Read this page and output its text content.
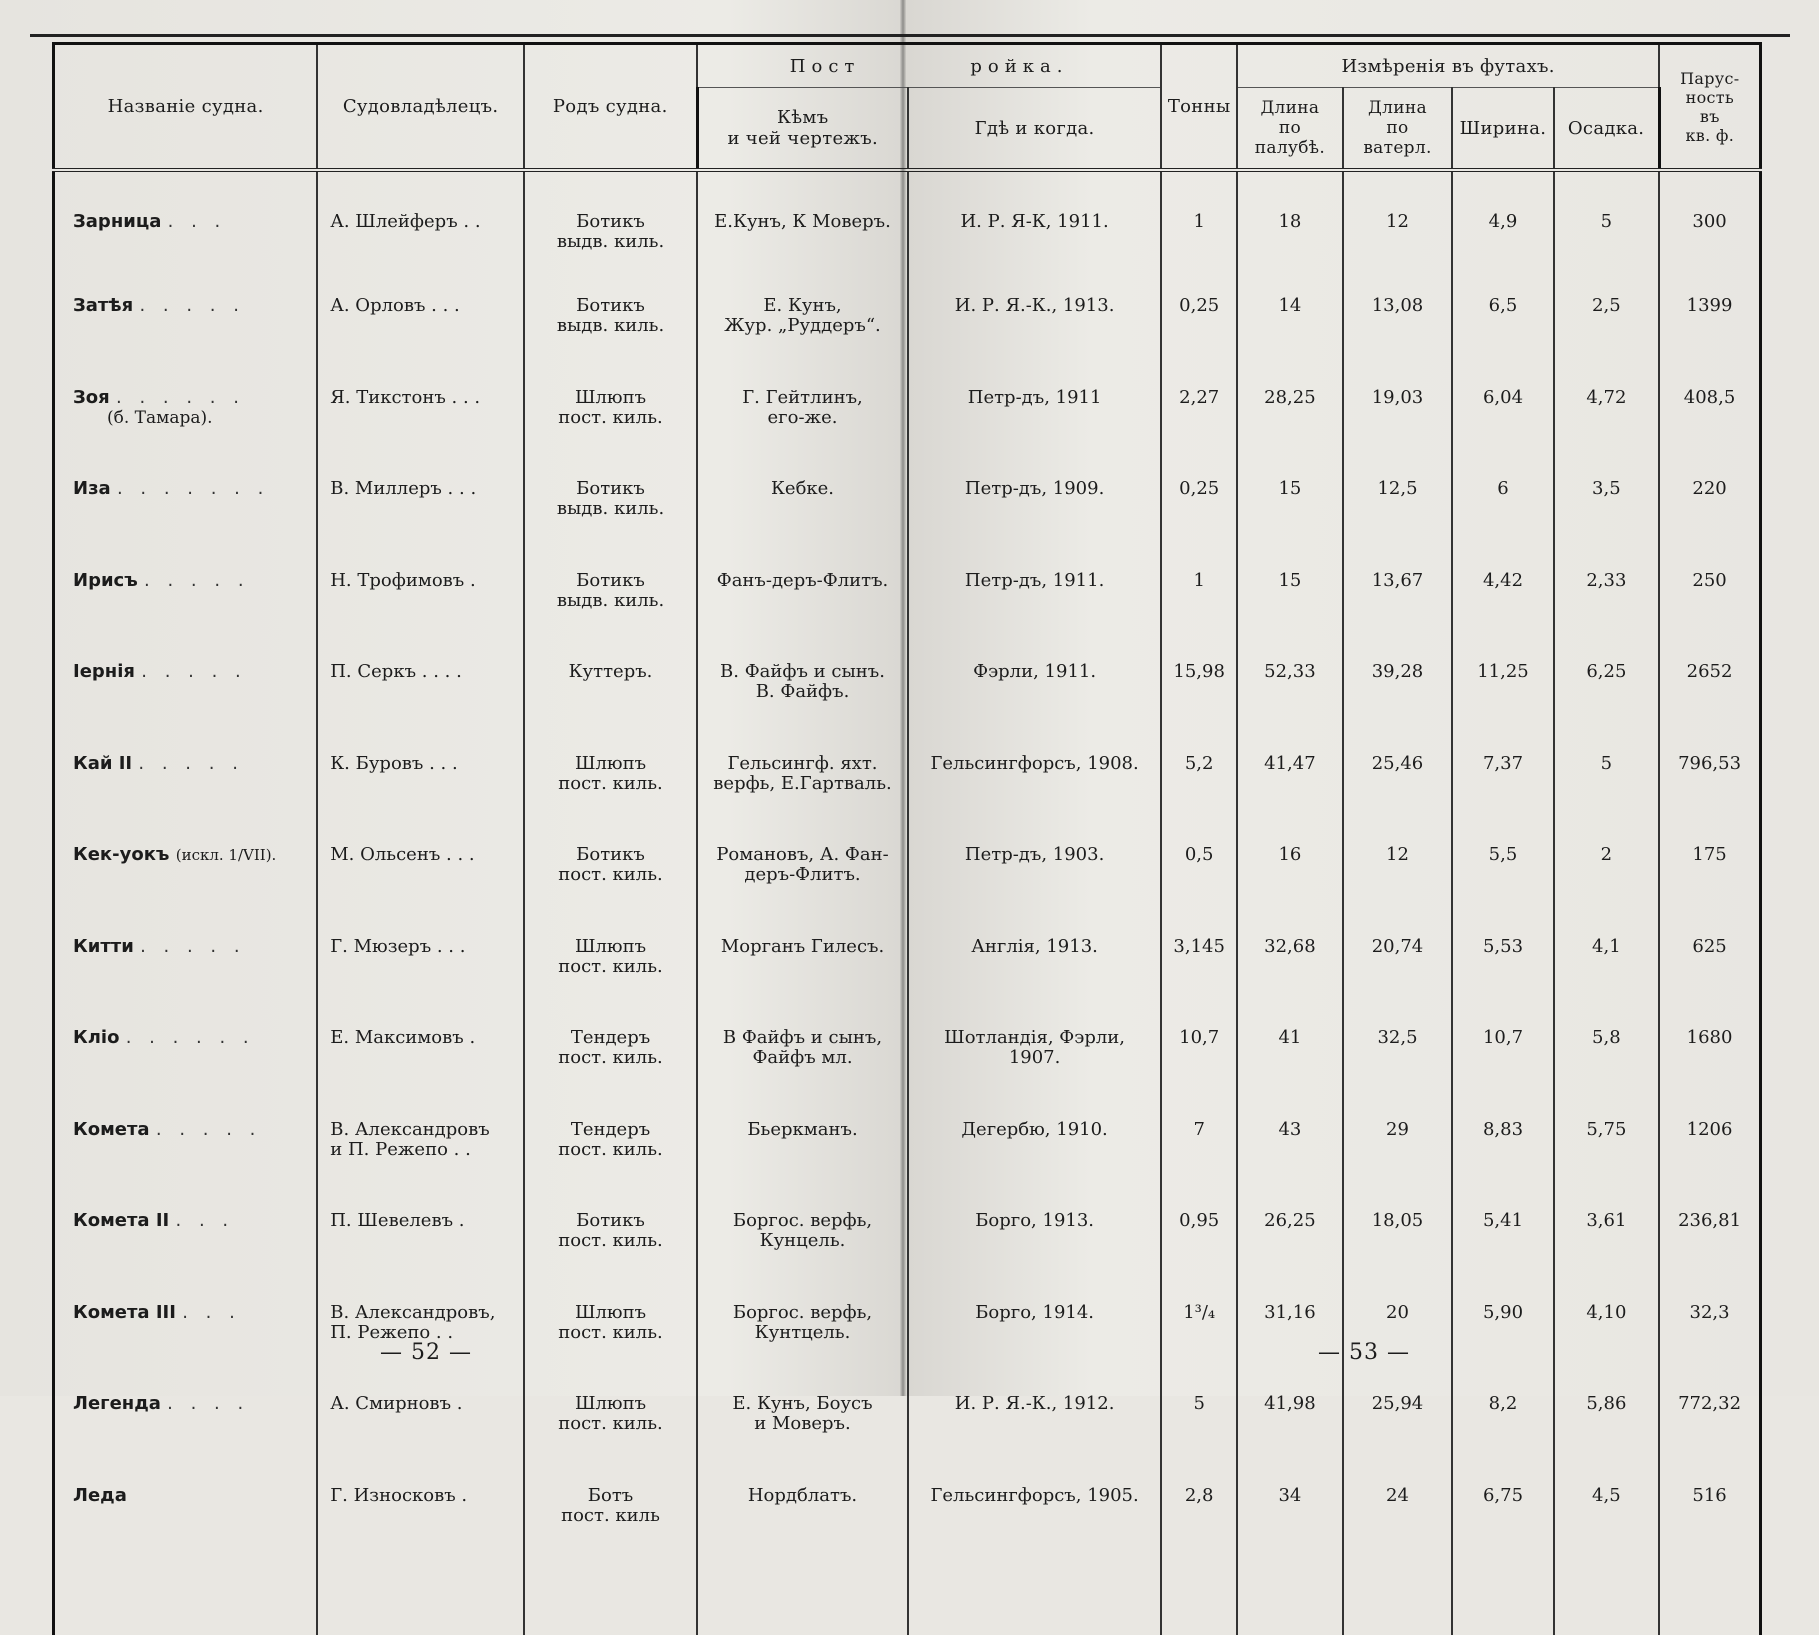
Названіе судна.	Судовладѣлецъ.	Родъ судна.	Пост ройка.		Тонны	Измѣренія въ футахъ.				Парус-
ность
въ
кв. ф.
			Кѣмъ
и чей чертежъ.	Гдѣ и когда.		Длина
по
палубѣ.	Длина
по
ватерл.	Ширина.	Осадка.	
Зарница . . .	А. Шлейферъ . .	Ботикъ
выдв. киль.	Е.Кунъ, К Моверъ.	И. Р. Я-К, 1911.	1	18	12	4,9	5	300
Затѣя . . . . .	А. Орловъ . . .	Ботикъ
выдв. киль.	Е. Кунъ,
Жур. „Руддеръ“.	И. Р. Я.-К., 1913.	0,25	14	13,08	6,5	2,5	1399
Зоя . . . . . .
(б. Тамара).	Я. Тикстонъ . . .	Шлюпъ
пост. киль.	Г. Гейтлинъ,
его-же.	Петр-дъ, 1911	2,27	28,25	19,03	6,04	4,72	408,5
Иза . . . . . . .	В. Миллеръ . . .	Ботикъ
выдв. киль.	Кебке.	Петр-дъ, 1909.	0,25	15	12,5	6	3,5	220
Ирисъ . . . . .	Н. Трофимовъ .	Ботикъ
выдв. киль.	Фанъ-деръ-Флитъ.	Петр-дъ, 1911.	1	15	13,67	4,42	2,33	250
Іернія . . . . .	П. Серкъ . . . .	Куттеръ.	В. Файфъ и сынъ.
В. Файфъ.	Фэрли, 1911.	15,98	52,33	39,28	11,25	6,25	2652
Кай II . . . . .	К. Буровъ . . .	Шлюпъ
пост. киль.	Гельсингф. яхт.
верфь, Е.Гартваль.	Гельсингфорсъ, 1908.	5,2	41,47	25,46	7,37	5	796,53
Кек-уокъ (искл. 1/VII).	М. Ольсенъ . . .	Ботикъ
пост. киль.	Романовъ, А. Фан-
деръ-Флитъ.	Петр-дъ, 1903.	0,5	16	12	5,5	2	175
Китти . . . . .	Г. Мюзеръ . . .	Шлюпъ
пост. киль.	Морганъ Гилесъ.	Англія, 1913.	3,145	32,68	20,74	5,53	4,1	625
Кліо . . . . . .	Е. Максимовъ .	Тендеръ
пост. киль.	В Файфъ и сынъ,
Файфъ мл.	Шотландія, Фэрли,
1907.	10,7	41	32,5	10,7	5,8	1680
Комета . . . . .	В. Александровъ
и П. Режепо . .	Тендеръ
пост. киль.	Бьеркманъ.	Дегербю, 1910.	7	43	29	8,83	5,75	1206
Комета II . . .	П. Шевелевъ .	Ботикъ
пост. киль.	Боргос. верфь,
Кунцель.	Борго, 1913.	0,95	26,25	18,05	5,41	3,61	236,81
Комета III . . .	В. Александровъ,
П. Режепо . .	Шлюпъ
пост. киль.	Боргос. верфь,
Кунтцель.	Борго, 1914.	1³/₄	31,16	20	5,90	4,10	32,3
Легенда . . . .	А. Смирновъ .	Шлюпъ
пост. киль.	Е. Кунъ, Боусъ
и Моверъ.	И. Р. Я.-К., 1912.	5	41,98	25,94	8,2	5,86	772,32
Леда	Г. Износковъ .	Ботъ
пост. киль	Нордблатъ.	Гельсингфорсъ, 1905.	2,8	34	24	6,75	4,5	516

— 52 —	— 53 —
